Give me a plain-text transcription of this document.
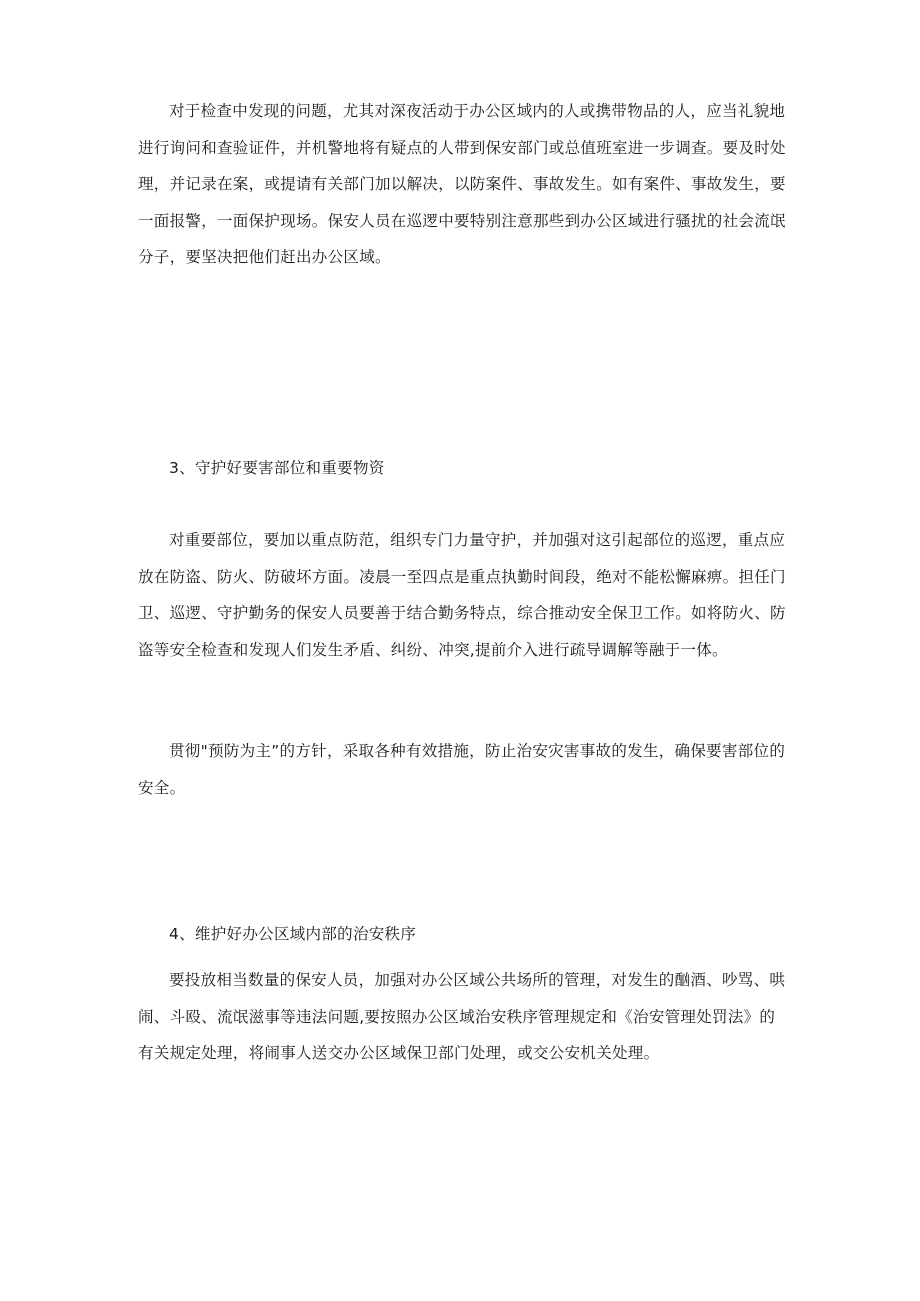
对于检查中发现的问题，尤其对深夜活动于办公区域内的人或携带物品的人，应当礼貌地进行询问和查验证件，并机警地将有疑点的人带到保安部门或总值班室进一步调查。要及时处理，并记录在案，或提请有关部门加以解决，以防案件、事故发生。如有案件、事故发生，要一面报警，一面保护现场。保安人员在巡逻中要特别注意那些到办公区域进行骚扰的社会流氓分子，要坚决把他们赶出办公区域。

3、守护好要害部位和重要物资

对重要部位，要加以重点防范，组织专门力量守护，并加强对这引起部位的巡逻，重点应放在防盗、防火、防破坏方面。凌晨一至四点是重点执勤时间段，绝对不能松懈麻痹。担任门卫、巡逻、守护勤务的保安人员要善于结合勤务特点，综合推动安全保卫工作。如将防火、防盗等安全检查和发现人们发生矛盾、纠纷、冲突,提前介入进行疏导调解等融于一体。

贯彻"预防为主”的方针，采取各种有效措施，防止治安灾害事故的发生，确保要害部位的安全。

4、维护好办公区域内部的治安秩序

要投放相当数量的保安人员，加强对办公区域公共场所的管理，对发生的酗酒、吵骂、哄闹、斗殴、流氓滋事等违法问题,要按照办公区域治安秩序管理规定和《治安管理处罚法》的有关规定处理，将闹事人送交办公区域保卫部门处理，或交公安机关处理。
